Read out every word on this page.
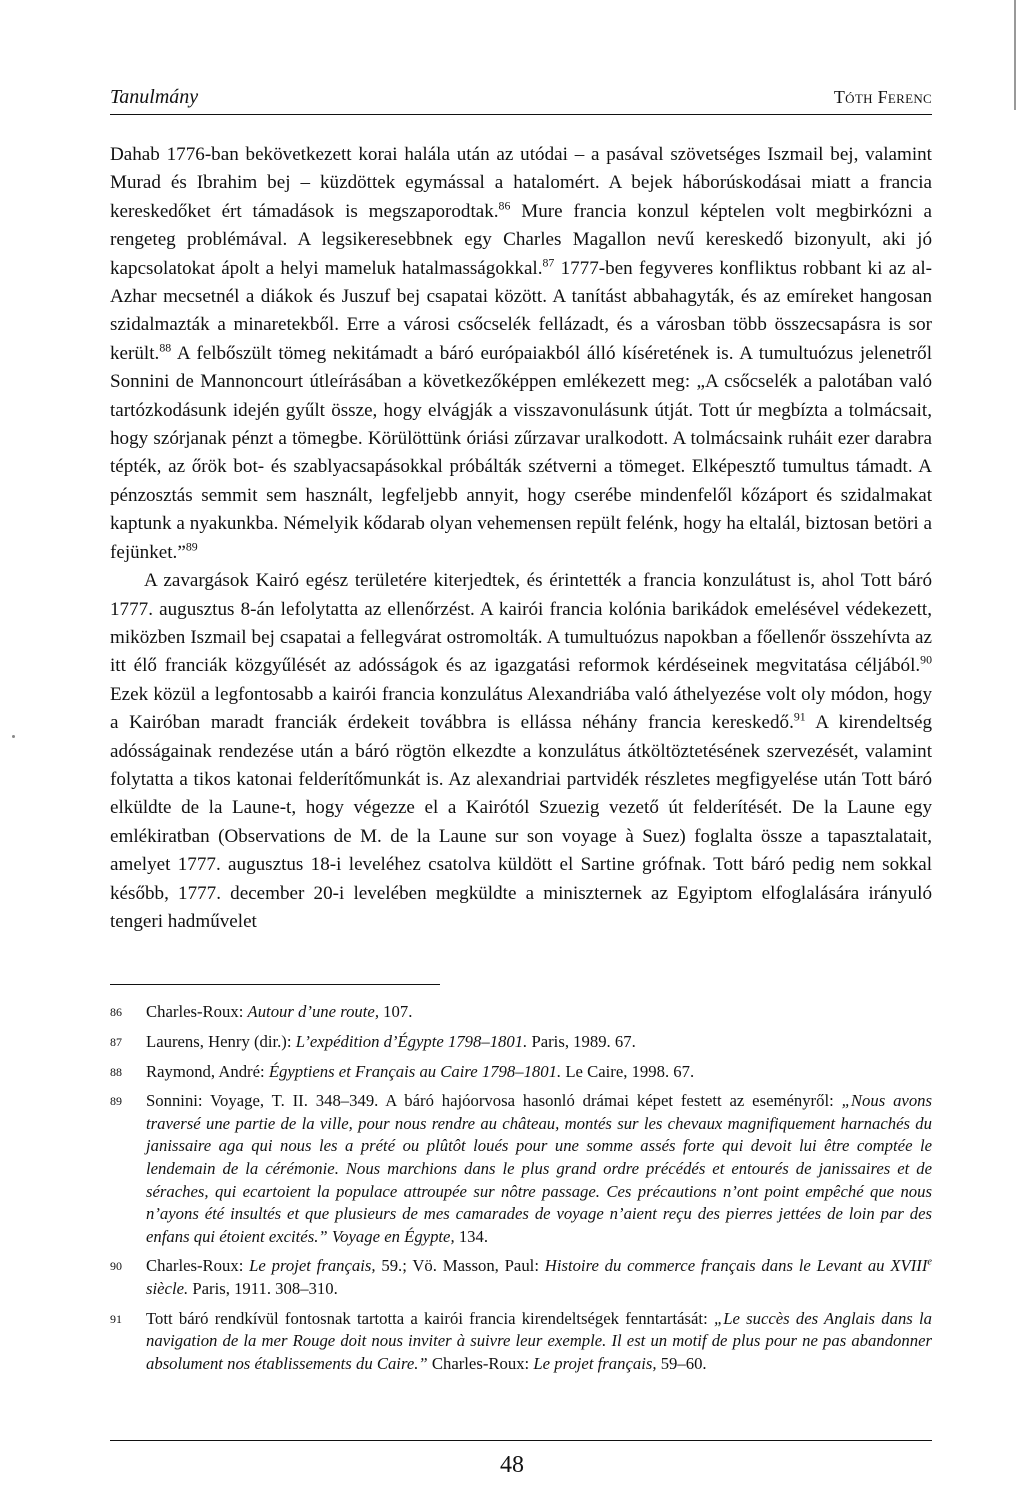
Tanulmány	Tóth Ferenc

Dahab 1776-ban bekövetkezett korai halála után az utódai – a pasával szövetséges Iszmail bej, valamint Murad és Ibrahim bej – küzdöttek egymással a hatalomért. A bejek háborúskodásai miatt a francia kereskedőket ért támadások is megszaporodtak.$^{86}$ Mure francia konzul képtelen volt megbirkózni a rengeteg problémával. A legsikeresebbnek egy Charles Magallon nevű kereskedő bizonyult, aki jó kapcsolatokat ápolt a helyi mameluk hatalmasságokkal.$^{87}$ 1777-ben fegyveres konfliktus robbant ki az al-Azhar mecsetnél a diákok és Juszuf bej csapatai között. A tanítást abbahagyták, és az emíreket hangosan szidalmazták a minaretekből. Erre a városi csőcselék fellázadt, és a városban több összecsapásra is sor került.$^{88}$ A felbőszült tömeg nekitámadt a báró európaiakból álló kíséretének is. A tumultuózus jelenetről Sonnini de Mannoncourt útleírásában a következőképpen emlékezett meg: „A csőcselék a palotában való tartózkodásunk idején gyűlt össze, hogy elvágják a visszavonulásunk útját. Tott úr megbízta a tolmácsait, hogy szórjanak pénzt a tömegbe. Körülöttünk óriási zűrzavar uralkodott. A tolmácsaink ruháit ezer darabra tépték, az őrök bot- és szablyacsapásokkal próbálták szétverni a tömeget. Elképesztő tumultus támadt. A pénzosztás semmit sem használt, legfeljebb annyit, hogy cserébe mindenfelől kőzáport és szidalmakat kaptunk a nyakunkba. Némelyik kődarab olyan vehemensen repült felénk, hogy ha eltalál, biztosan betöri a fejünket.”$^{89}$

A zavargások Kairó egész területére kiterjedtek, és érintették a francia konzulátust is, ahol Tott báró 1777. augusztus 8-án lefolytatta az ellenőrzést. A kairói francia kolónia barikádok emelésével védekezett, miközben Iszmail bej csapatai a fellegvárat ostromolták. A tumultuózus napokban a főellenőr összehívta az itt élő franciák közgyűlését az adósságok és az igazgatási reformok kérdéseinek megvitatása céljából.$^{90}$ Ezek közül a legfontosabb a kairói francia konzulátus Alexandriába való áthelyezése volt oly módon, hogy a Kairóban maradt franciák érdekeit továbbra is ellássa néhány francia kereskedő.$^{91}$ A kirendeltség adósságainak rendezése után a báró rögtön elkezdte a konzulátus átköltöztetésének szervezését, valamint folytatta a tikos katonai felderítőmunkát is. Az alexandriai partvidék részletes megfigyelése után Tott báró elküldte de la Laune-t, hogy végezze el a Kairótól Szuezig vezető út felderítését. De la Laune egy emlékiratban (Observations de M. de la Laune sur son voyage à Suez) foglalta össze a tapasztalatait, amelyet 1777. augusztus 18-i leveléhez csatolva küldött el Sartine grófnak. Tott báró pedig nem sokkal később, 1777. december 20-i levelében megküldte a miniszternek az Egyiptom elfoglalására irányuló tengeri hadművelet

86	Charles-Roux: Autour d’une route, 107.
87	Laurens, Henry (dir.): L’expédition d’Égypte 1798–1801. Paris, 1989. 67.
88	Raymond, André: Égyptiens et Français au Caire 1798–1801. Le Caire, 1998. 67.
89	Sonnini: Voyage, T. II. 348–349. A báró hajóorvosa hasonló drámai képet festett az eseményről: „Nous avons traversé une partie de la ville, pour nous rendre au château, montés sur les chevaux magnifiquement harnachés du janissaire aga qui nous les a prété ou plûtôt loués pour une somme assés forte qui devoit lui être comptée le lendemain de la cérémonie. Nous marchions dans le plus grand ordre précédés et entourés de janissaires et de séraches, qui ecartoient la populace attroupée sur nôtre passage. Ces précautions n’ont point empêché que nous n’ayons été insultés et que plusieurs de mes camarades de voyage n’aient reçu des pierres jettées de loin par des enfans qui étoient excités.” Voyage en Égypte, 134.
90	Charles-Roux: Le projet français, 59.; Vö. Masson, Paul: Histoire du commerce français dans le Levant au XVIIIe siècle. Paris, 1911. 308–310.
91	Tott báró rendkívül fontosnak tartotta a kairói francia kirendeltségek fenntartását: „Le succès des Anglais dans la navigation de la mer Rouge doit nous inviter à suivre leur exemple. Il est un motif de plus pour ne pas abandonner absolument nos établissements du Caire.” Charles-Roux: Le projet français, 59–60.
48
